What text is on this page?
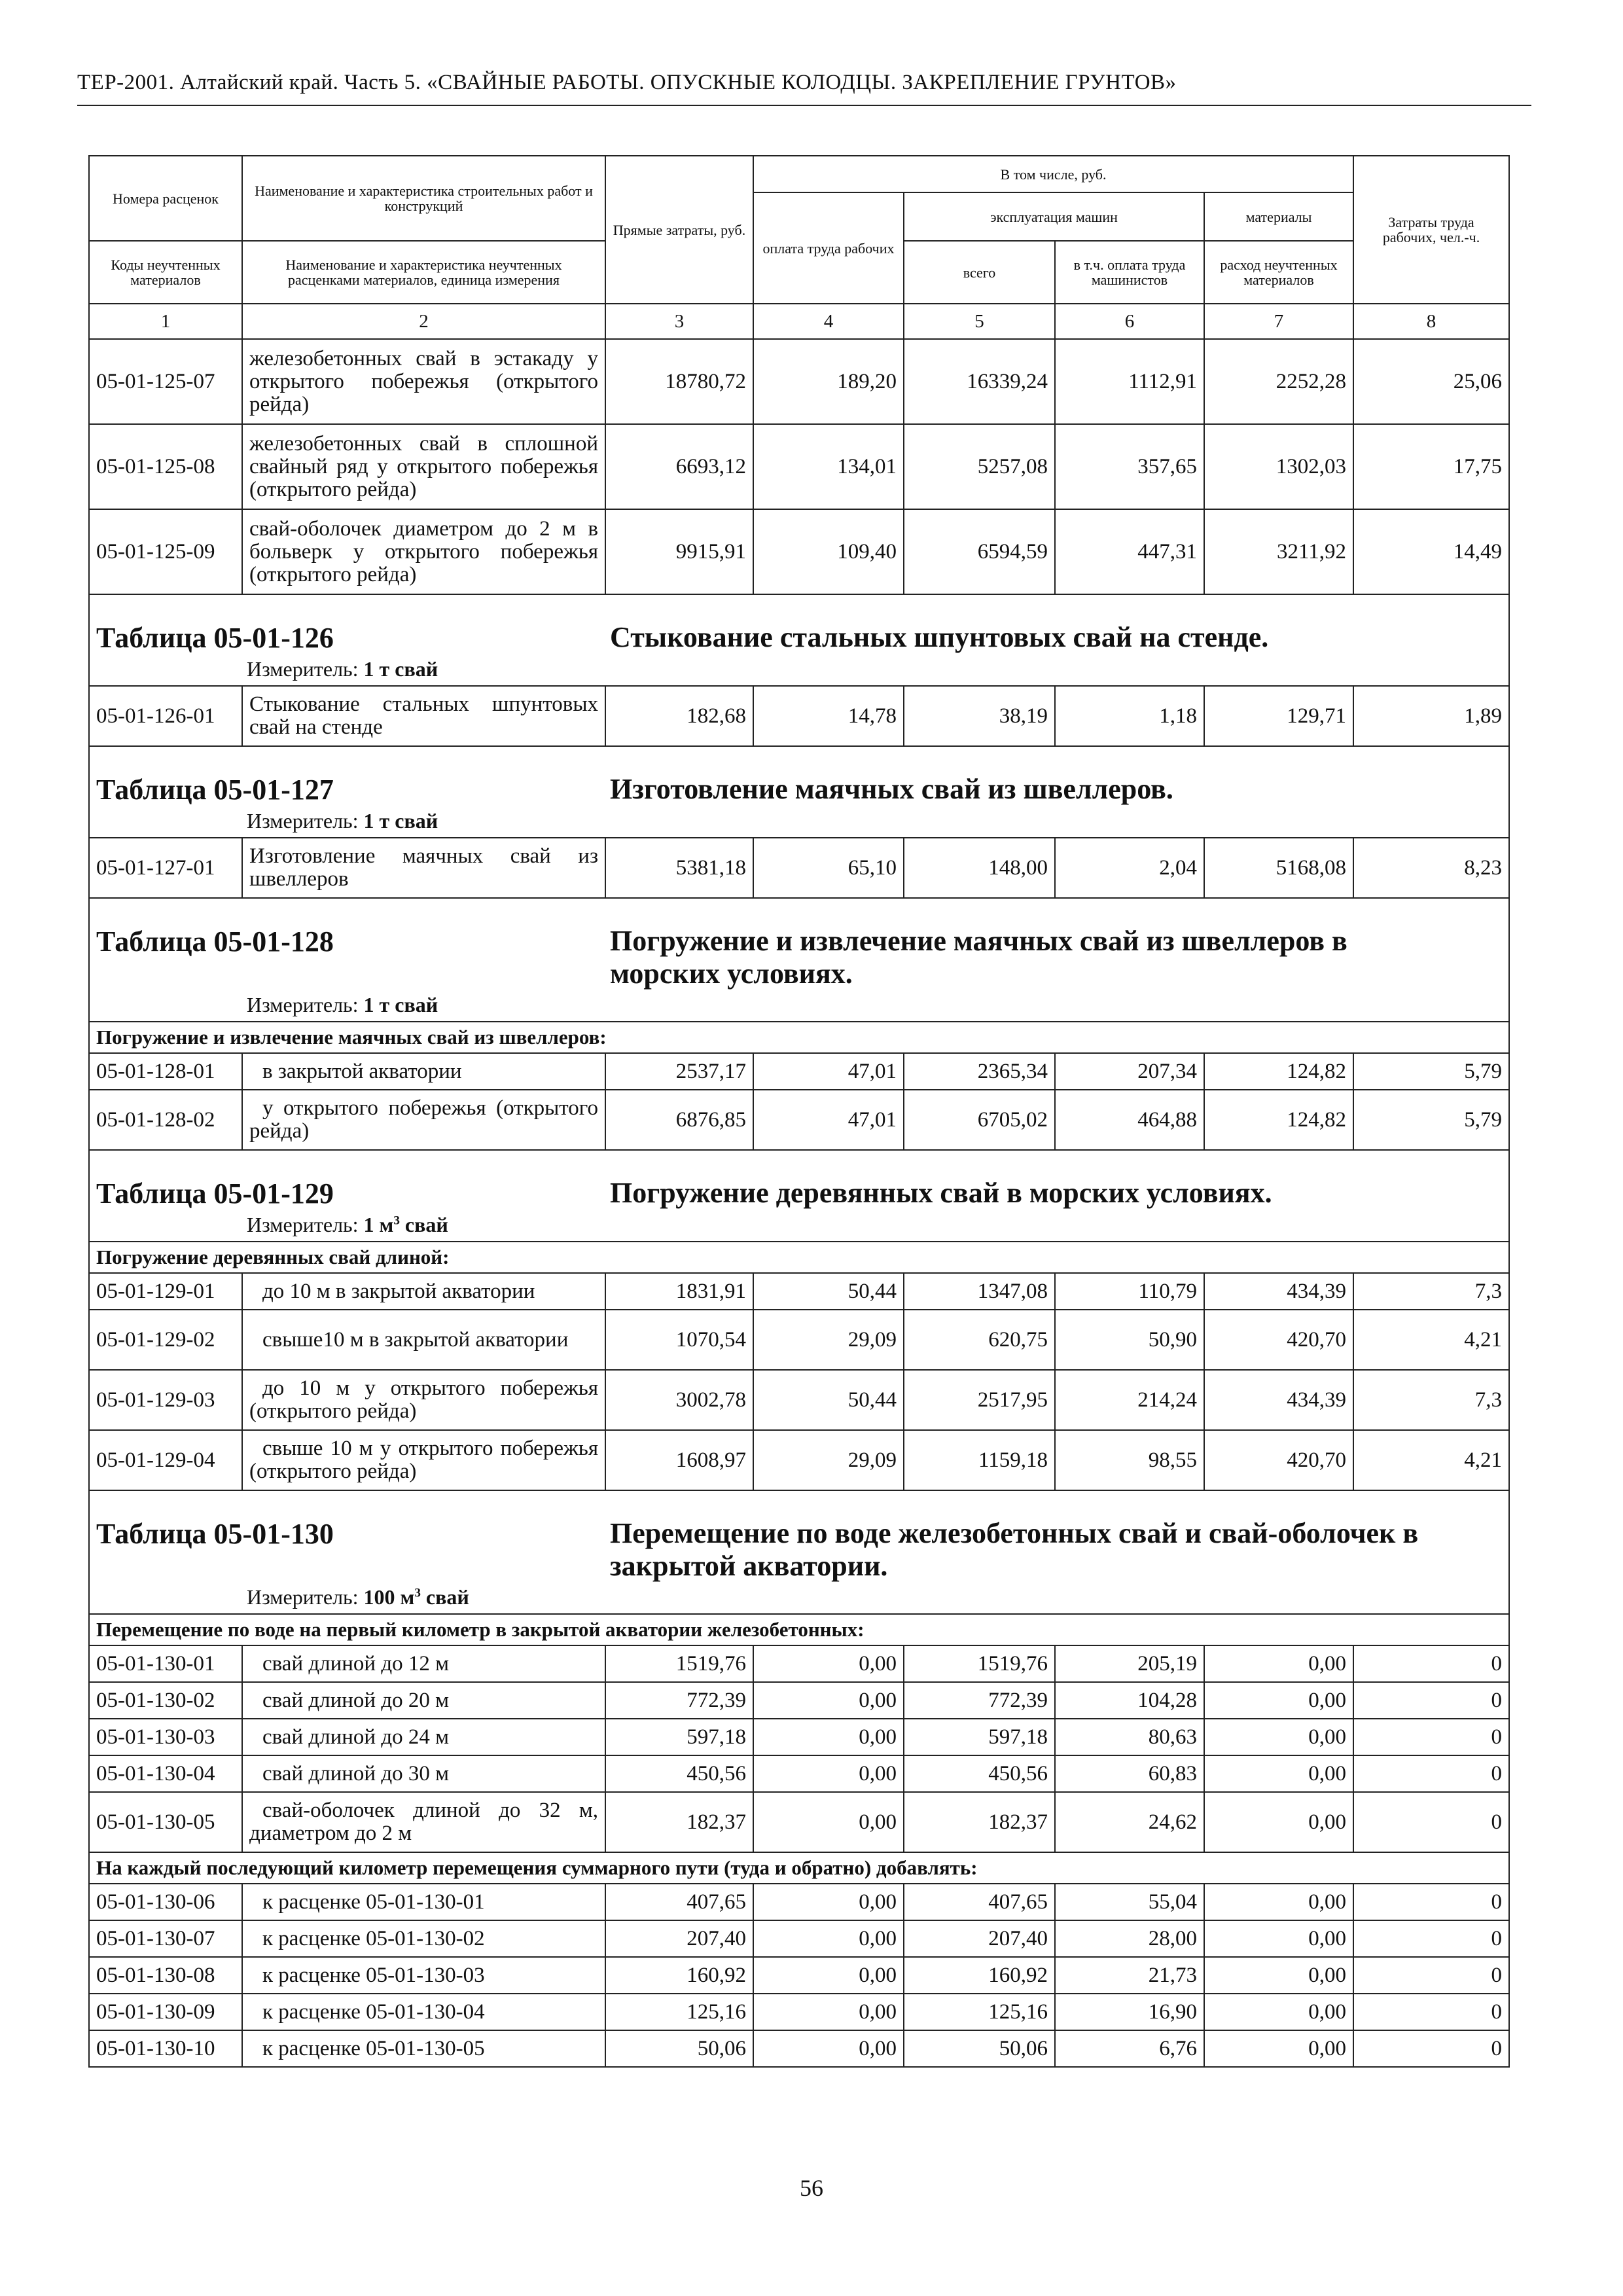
ТЕР-2001. Алтайский край. Часть 5. «СВАЙНЫЕ РАБОТЫ. ОПУСКНЫЕ КОЛОДЦЫ. ЗАКРЕПЛЕНИЕ ГРУНТОВ»
Номера расценок	Наименование и характеристика строительных работ и конструкций	Прямые затраты, руб.	В том числе, руб.				Затраты труда рабочих, чел.-ч.
			оплата труда рабочих	эксплуатация машин		материалы	
Коды неучтенных материалов	Наименование и характеристика неучтенных расценками материалов, единица измерения			всего	в т.ч. оплата труда машинистов	расход неучтенных материалов	
1	2	3	4	5	6	7	8
05-01-125-07	железобетонных свай в эстакаду у открытого побережья (открытого рейда)	18780,72	189,20	16339,24	1112,91	2252,28	25,06
05-01-125-08	железобетонных свай в сплошной свайный ряд у открытого побережья (открытого рейда)	6693,12	134,01	5257,08	357,65	1302,03	17,75
05-01-125-09	свай-оболочек диаметром до 2 м в больверк у открытого побережья (открытого рейда)	9915,91	109,40	6594,59	447,31	3211,92	14,49
Таблица 05-01-126 Стыкование стальных шпунтовых свай на стенде.
Измеритель: 1 т свай							

05-01-126-01	Стыкование стальных шпунтовых свай на стенде	182,68	14,78	38,19	1,18	129,71	1,89
Таблица 05-01-127 Изготовление маячных свай из швеллеров.
Измеритель: 1 т свай							

05-01-127-01	Изготовление маячных свай из швеллеров	5381,18	65,10	148,00	2,04	5168,08	8,23
Таблица 05-01-128 Погружение и извлечение маячных свай из швеллеров в морских условиях.
Измеритель: 1 т свай							

Погружение и извлечение маячных свай из швеллеров:							
05-01-128-01	в закрытой акватории	2537,17	47,01	2365,34	207,34	124,82	5,79
05-01-128-02	у открытого побережья (открытого рейда)	6876,85	47,01	6705,02	464,88	124,82	5,79
Таблица 05-01-129 Погружение деревянных свай в морских условиях.
Измеритель: 1 $м^3$ свай							

Погружение деревянных свай длиной:							
05-01-129-01	до 10 м в закрытой акватории	1831,91	50,44	1347,08	110,79	434,39	7,3
05-01-129-02	свыше10 м в закрытой акватории	1070,54	29,09	620,75	50,90	420,70	4,21
05-01-129-03	до 10 м у открытого побережья (открытого рейда)	3002,78	50,44	2517,95	214,24	434,39	7,3
05-01-129-04	свыше 10 м у открытого побережья (открытого рейда)	1608,97	29,09	1159,18	98,55	420,70	4,21
Таблица 05-01-130 Перемещение по воде железобетонных свай и свай-оболочек в закрытой акватории.
Измеритель: 100 $м^3$ свай							

Перемещение по воде на первый километр в закрытой акватории железобетонных:							
05-01-130-01	свай длиной до 12 м	1519,76	0,00	1519,76	205,19	0,00	0
05-01-130-02	свай длиной до 20 м	772,39	0,00	772,39	104,28	0,00	0
05-01-130-03	свай длиной до 24 м	597,18	0,00	597,18	80,63	0,00	0
05-01-130-04	свай длиной до 30 м	450,56	0,00	450,56	60,83	0,00	0
05-01-130-05	свай-оболочек длиной до 32 м, диаметром до 2 м	182,37	0,00	182,37	24,62	0,00	0
На каждый последующий километр перемещения суммарного пути (туда и обратно) добавлять:							
05-01-130-06	к расценке 05-01-130-01	407,65	0,00	407,65	55,04	0,00	0
05-01-130-07	к расценке 05-01-130-02	207,40	0,00	207,40	28,00	0,00	0
05-01-130-08	к расценке 05-01-130-03	160,92	0,00	160,92	21,73	0,00	0
05-01-130-09	к расценке 05-01-130-04	125,16	0,00	125,16	16,90	0,00	0
05-01-130-10	к расценке 05-01-130-05	50,06	0,00	50,06	6,76	0,00	0
56
